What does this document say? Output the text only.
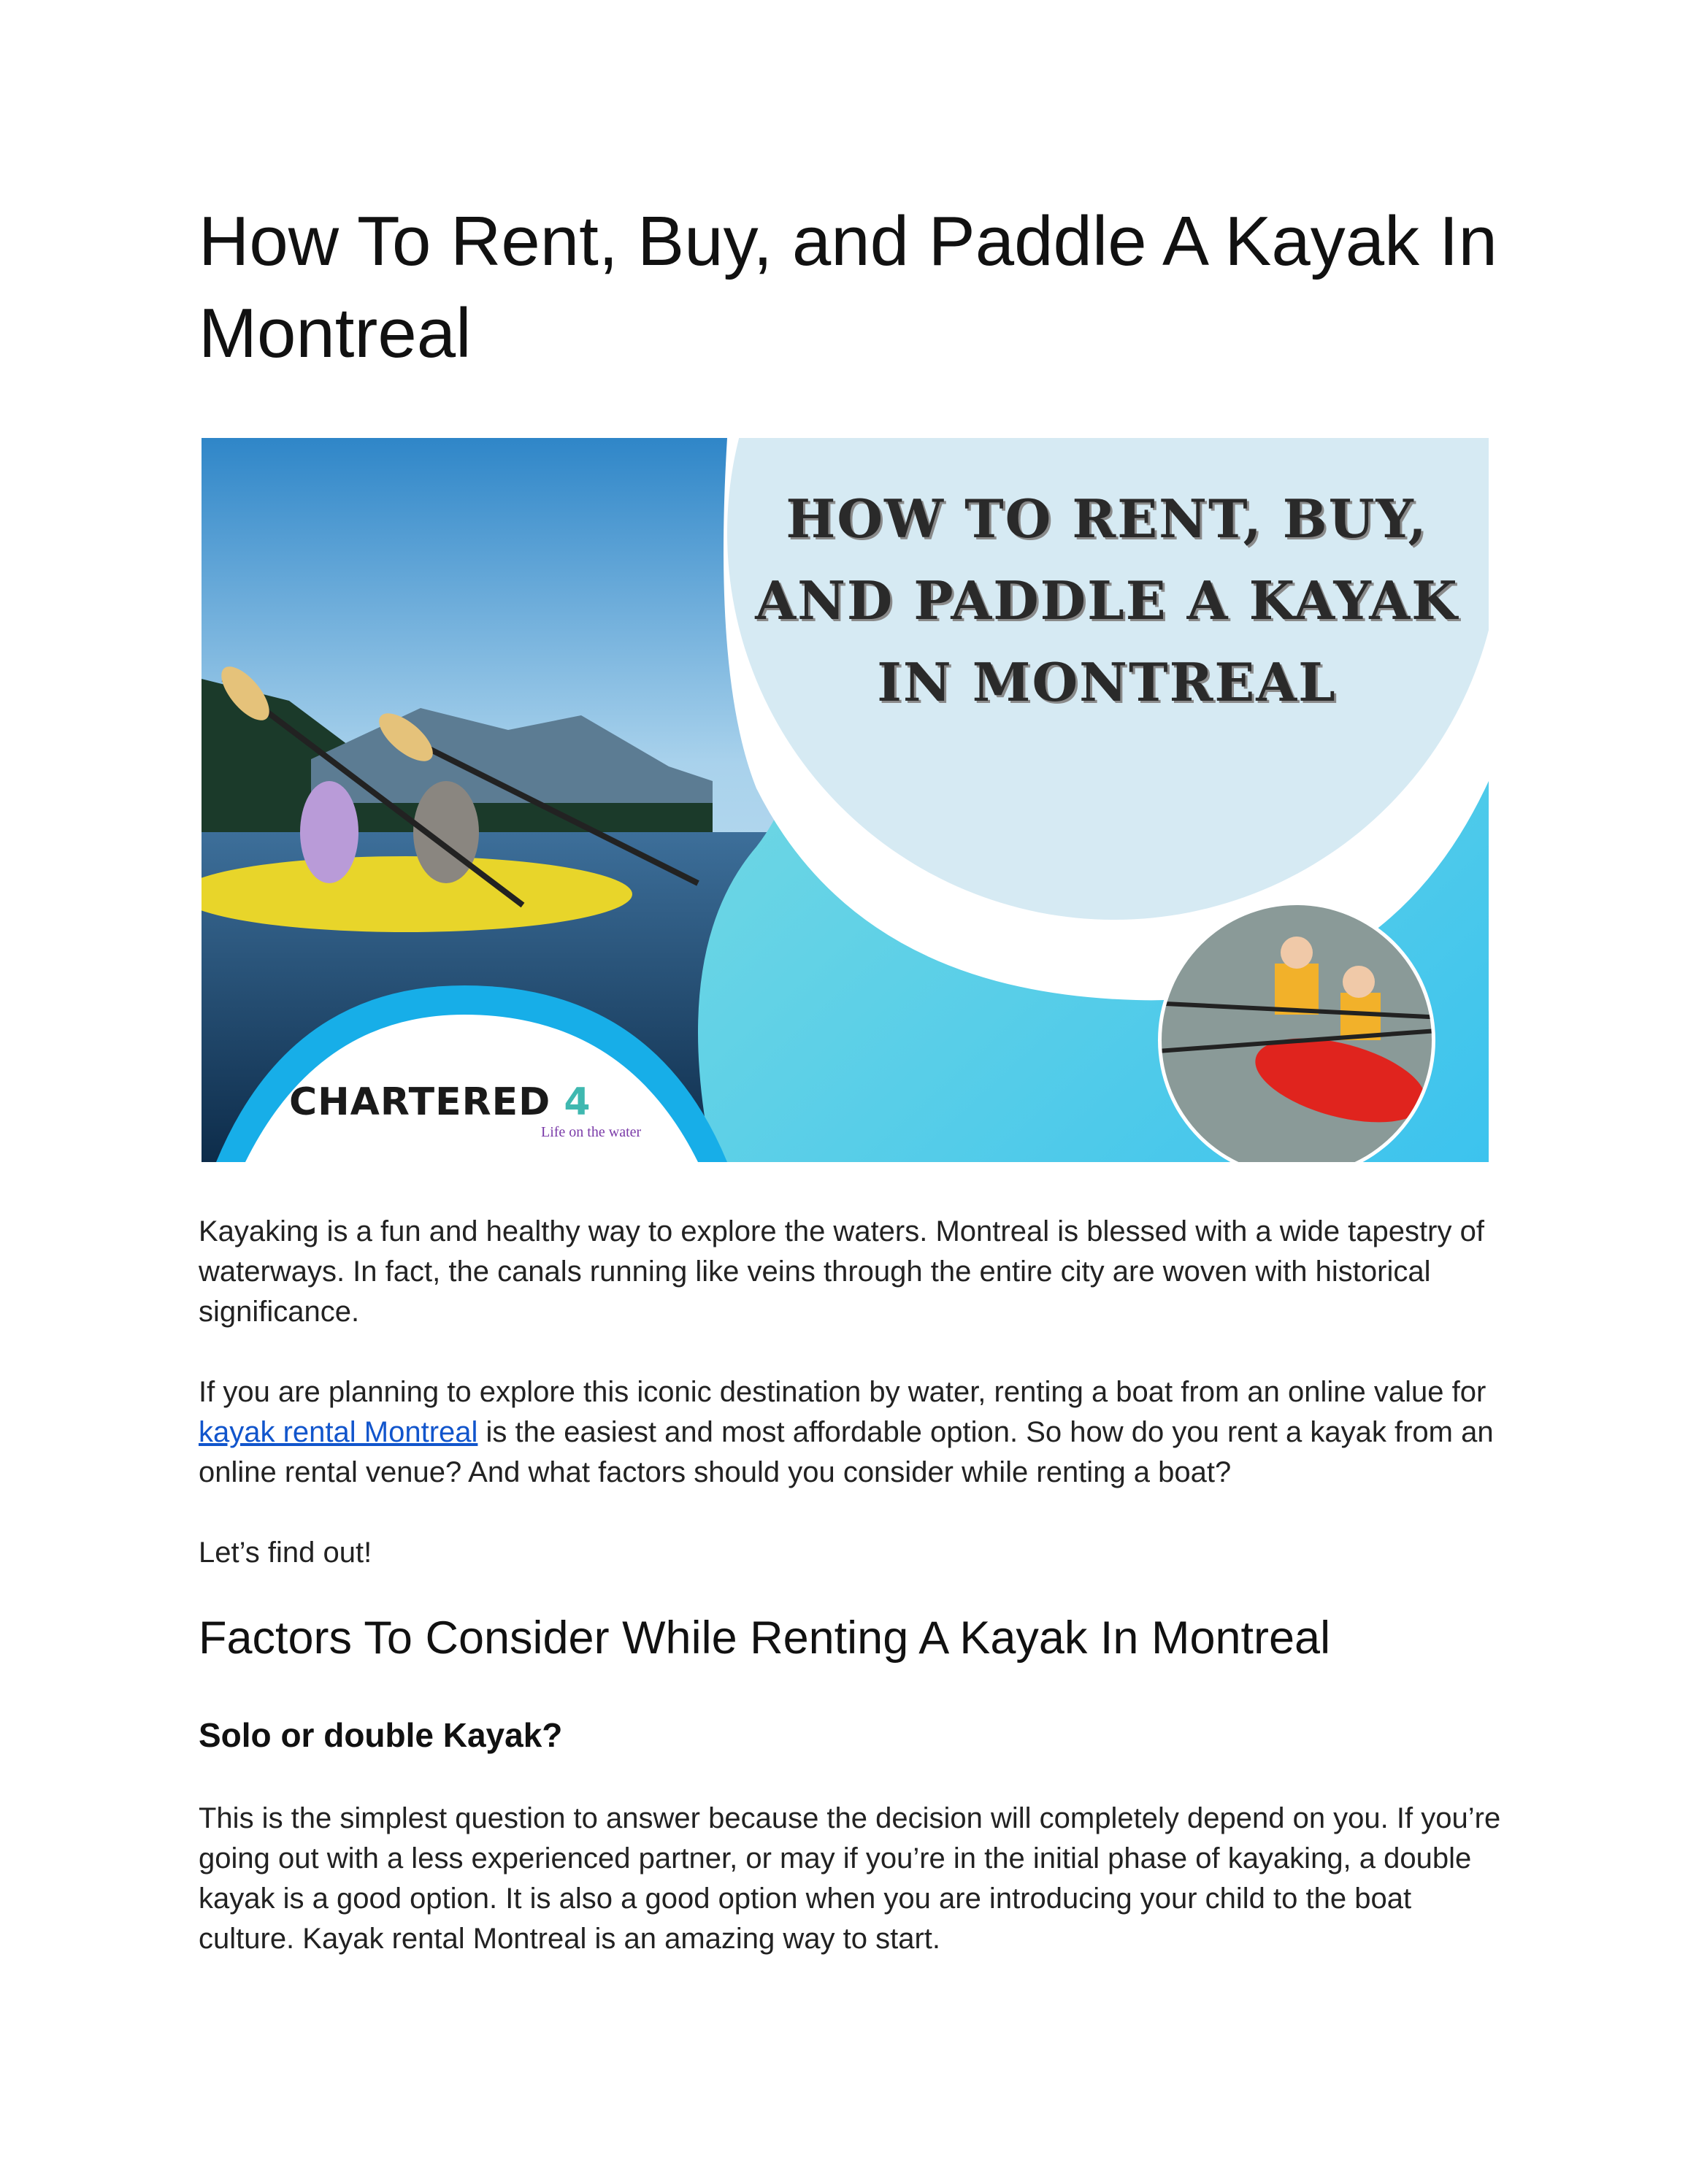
How To Rent, Buy, and Paddle A Kayak In Montreal
HOW TO RENT, BUY, AND PADDLE A KAYAK IN MONTREAL
CHARTERED 4
Life on the water

Kayaking is a fun and healthy way to explore the waters. Montreal is blessed with a wide tapestry of waterways. In fact, the canals running like veins through the entire city are woven with historical significance.

If you are planning to explore this iconic destination by water, renting a boat from an online value for kayak rental Montreal is the easiest and most affordable option. So how do you rent a kayak from an online rental venue? And what factors should you consider while renting a boat?

Let’s find out!

Factors To Consider While Renting A Kayak In Montreal
Solo or double Kayak?

This is the simplest question to answer because the decision will completely depend on you. If you’re going out with a less experienced partner, or may if you’re in the initial phase of kayaking, a double kayak is a good option. It is also a good option when you are introducing your child to the boat culture. Kayak rental Montreal is an amazing way to start.
